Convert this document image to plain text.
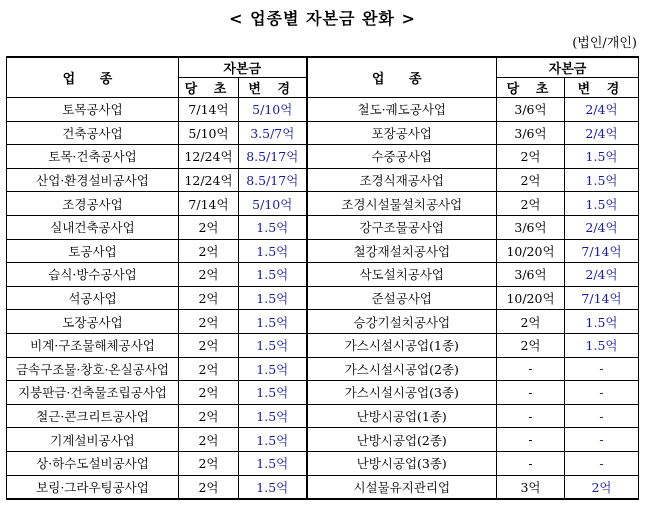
< 업종별 자본금 완화 >
(법인/개인)
업 종	자본금		업 종	자본금	
	당 초	변 경		당 초	변 경
토목공사업	7/14억	5/10억	철도·궤도공사업	3/6억	2/4억
건축공사업	5/10억	3.5/7억	포장공사업	3/6억	2/4억
토목·건축공사업	12/24억	8.5/17억	수중공사업	2억	1.5억
산업·환경설비공사업	12/24억	8.5/17억	조경식재공사업	2억	1.5억
조경공사업	7/14억	5/10억	조경시설물설치공사업	2억	1.5억
실내건축공사업	2억	1.5억	강구조물공사업	3/6억	2/4억
토공사업	2억	1.5억	철강재설치공사업	10/20억	7/14억
습식·방수공사업	2억	1.5억	삭도설치공사업	3/6억	2/4억
석공사업	2억	1.5억	준설공사업	10/20억	7/14억
도장공사업	2억	1.5억	승강기설치공사업	2억	1.5억
비계·구조물해체공사업	2억	1.5억	가스시설시공업(1종)	2억	1.5억
금속구조물·창호·온실공사업	2억	1.5억	가스시설시공업(2종)	-	-
지붕판금·건축물조립공사업	2억	1.5억	가스시설시공업(3종)	-	-
철근·콘크리트공사업	2억	1.5억	난방시공업(1종)	-	-
기계설비공사업	2억	1.5억	난방시공업(2종)	-	-
상·하수도설비공사업	2억	1.5억	난방시공업(3종)	-	-
보링·그라우팅공사업	2억	1.5억	시설물유지관리업	3억	2억
